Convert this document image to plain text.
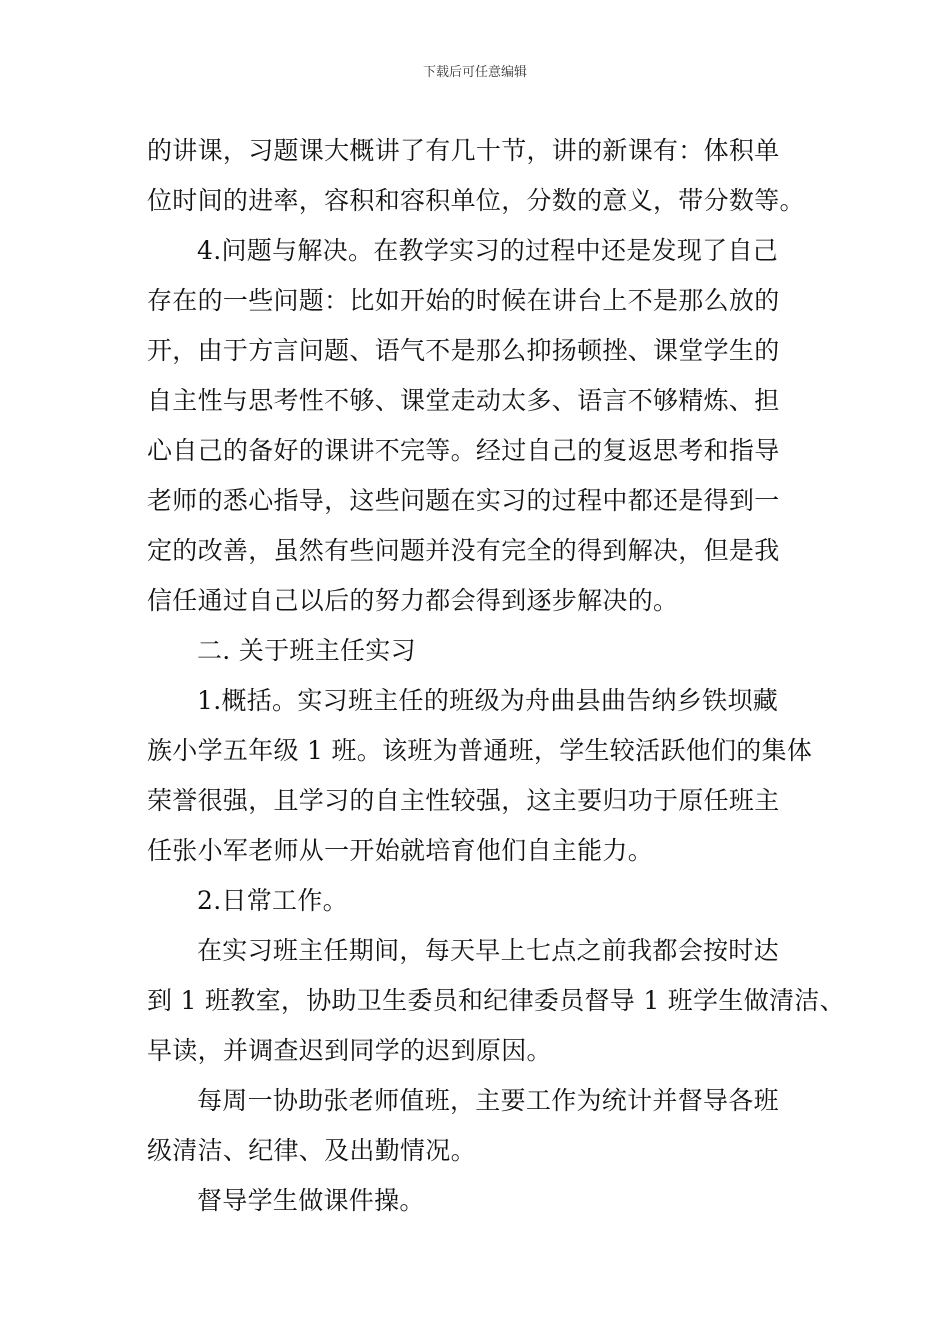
下载后可任意编辑
的讲课，习题课大概讲了有几十节，讲的新课有：体积单
位时间的进率，容积和容积单位，分数的意义，带分数等。
4.问题与解决。在教学实习的过程中还是发现了自己
存在的一些问题：比如开始的时候在讲台上不是那么放的
开，由于方言问题、语气不是那么抑扬顿挫、课堂学生的
自主性与思考性不够、课堂走动太多、语言不够精炼、担
心自己的备好的课讲不完等。经过自己的复返思考和指导
老师的悉心指导，这些问题在实习的过程中都还是得到一
定的改善，虽然有些问题并没有完全的得到解决，但是我
信任通过自己以后的努力都会得到逐步解决的。
二. 关于班主任实习
1.概括。实习班主任的班级为舟曲县曲告纳乡铁坝藏
族小学五年级 1 班。该班为普通班，学生较活跃他们的集体
荣誉很强，且学习的自主性较强，这主要归功于原任班主
任张小军老师从一开始就培育他们自主能力。
2.日常工作。
在实习班主任期间，每天早上七点之前我都会按时达
到 1 班教室，协助卫生委员和纪律委员督导 1 班学生做清洁、
早读，并调查迟到同学的迟到原因。
每周一协助张老师值班，主要工作为统计并督导各班
级清洁、纪律、及出勤情况。
督导学生做课件操。
